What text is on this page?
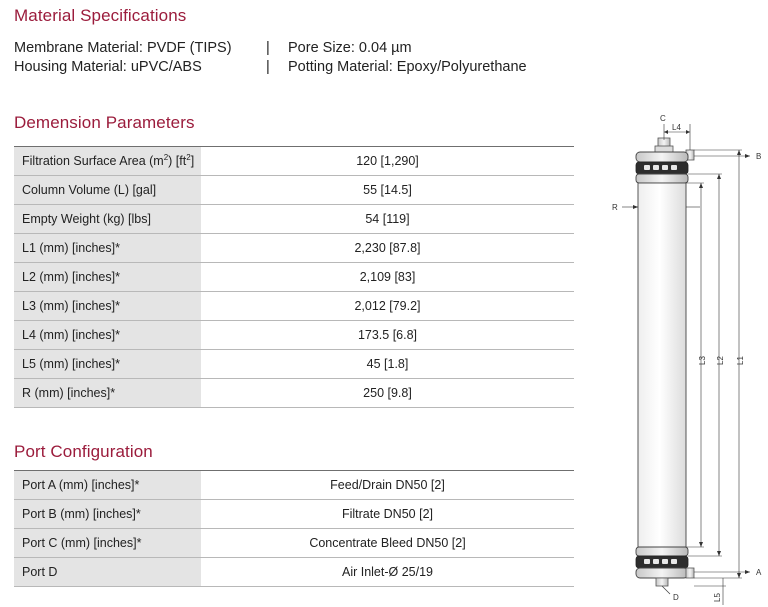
Material Specifications
Membrane Material: PVDF (TIPS) | Pore Size: 0.04 µm
Housing Material: uPVC/ABS	| Potting Material: Epoxy/Polyurethane
Demension Parameters
Filtration Surface Area $(m^2)$ $[ft^2]$	120 [1,290]
Column Volume (L) [gal]	55 [14.5]
Empty Weight (kg) [lbs]	54 [119]
L1 (mm) [inches]*	2,230 [87.8]
L2 (mm) [inches]*	2,109 [83]
L3 (mm) [inches]*	2,012 [79.2]
L4 (mm) [inches]*	173.5 [6.8]
L5 (mm) [inches]*	45 [1.8]
R (mm) [inches]*	250 [9.8]
Port Configuration
Port A (mm) [inches]*	Feed/Drain DN50 [2]
Port B (mm) [inches]*	Filtrate DN50 [2]
Port C (mm) [inches]*	Concentrate Bleed DN50 [2]
Port D	Air Inlet-Ø 25/19
C
L4
B
R
L3 L2 L1
A
D	L5
